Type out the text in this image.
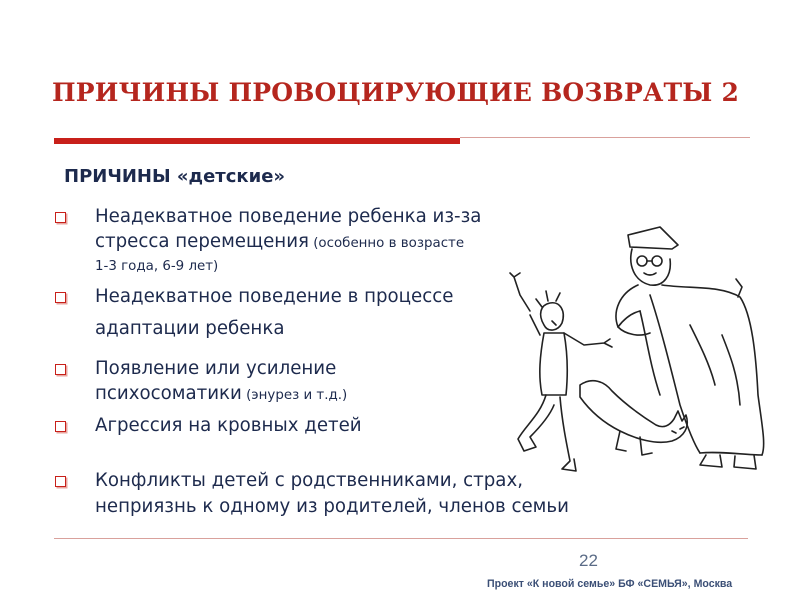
ПРИЧИНЫ ПРОВОЦИРУЮЩИЕ ВОЗВРАТЫ 2
ПРИЧИНЫ «детские»
Неадекватное поведение ребенка из-за
стресса перемещения (особенно в возрасте
1-3 года, 6-9 лет)
Неадекватное поведение в процессе
адаптации ребенка
Появление или усиление
психосоматики (энурез и т.д.)
Агрессия на кровных детей
Конфликты детей с родственниками, страх,
неприязнь к одному из родителей, членов семьи
22
Проект «К новой семье» БФ «СЕМЬЯ», Москва
